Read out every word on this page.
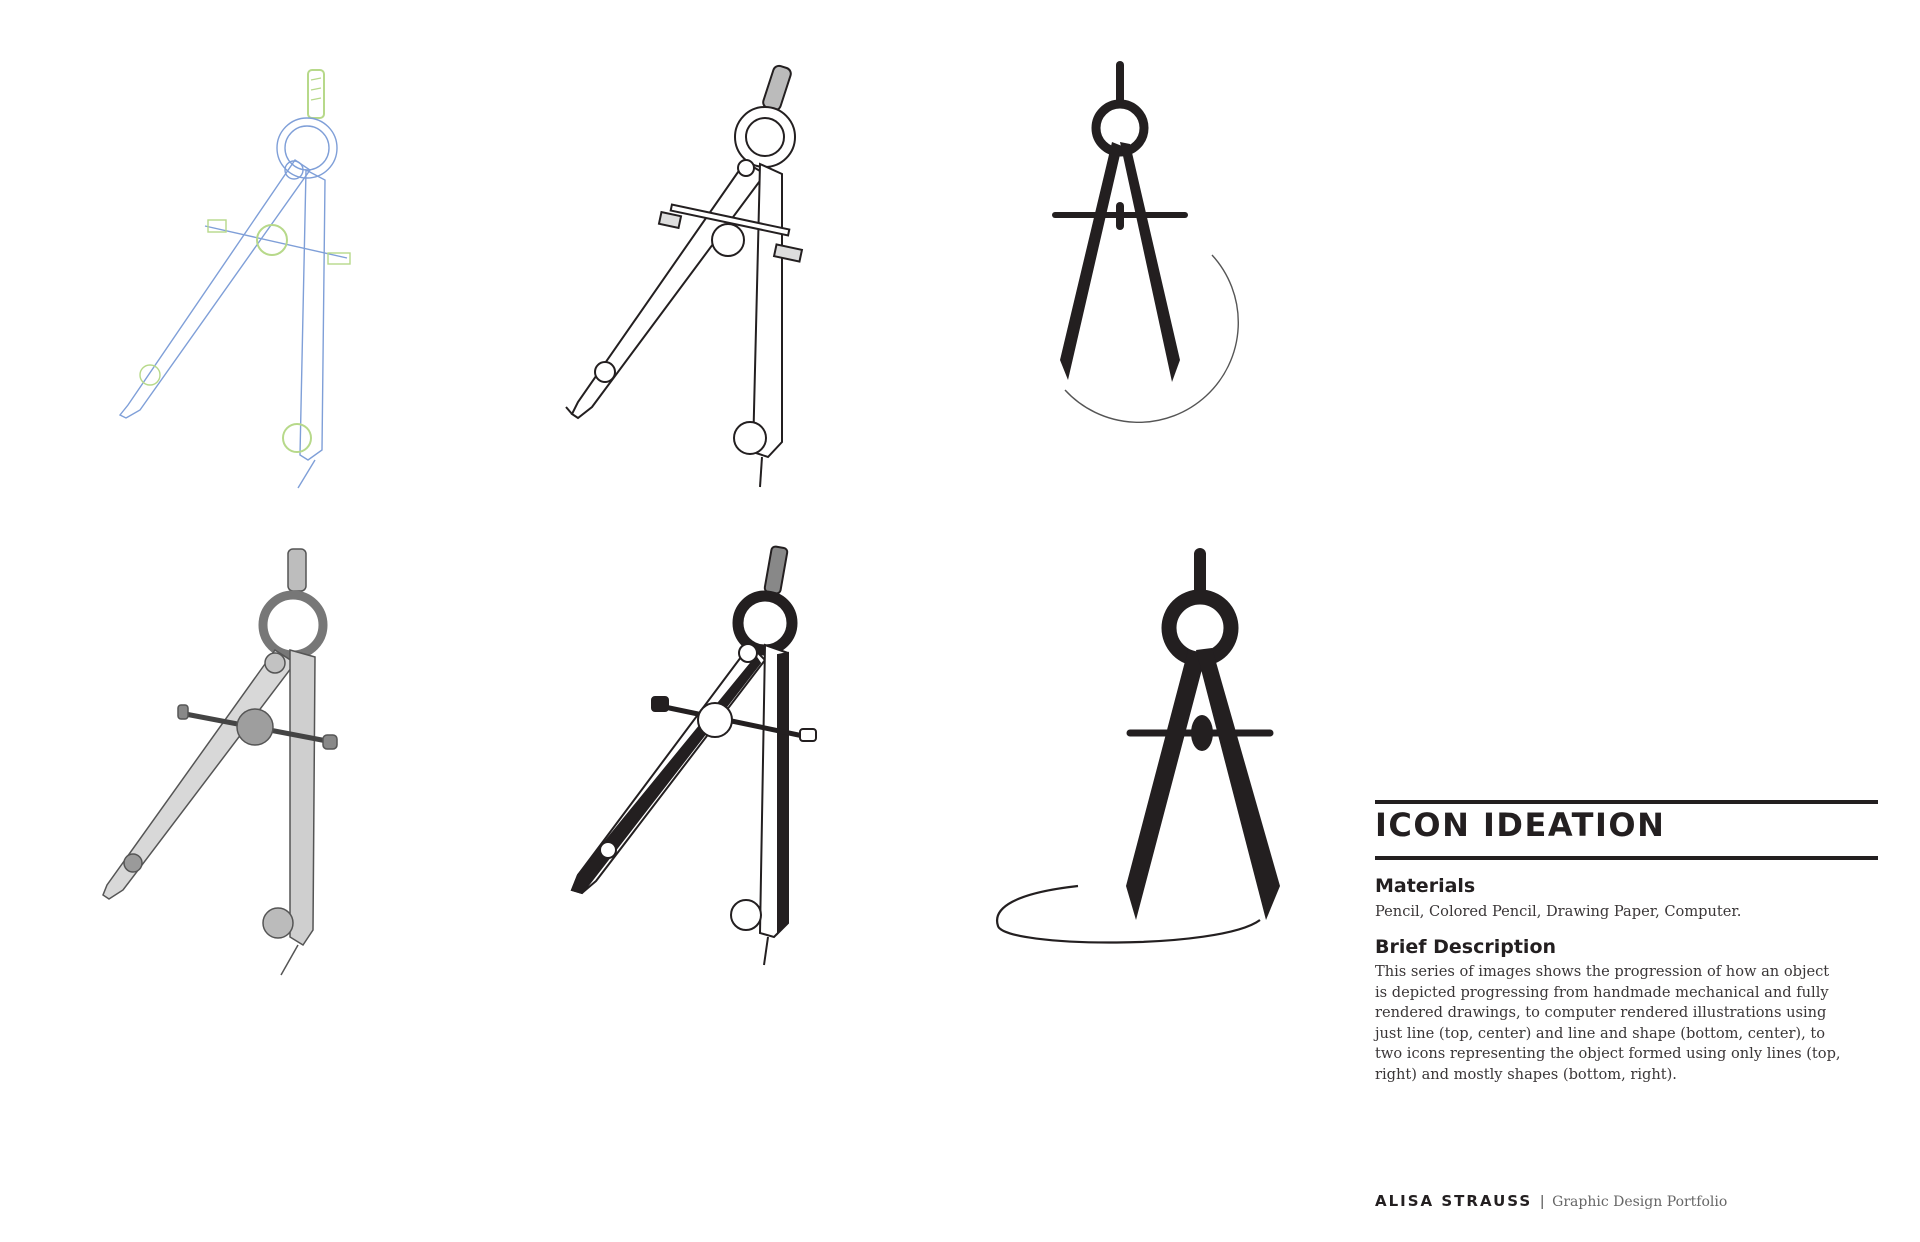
ICON IDEATION
Materials
Pencil, Colored Pencil, Drawing Paper, Computer.
Brief Description
This series of images shows the progression of how an object
is depicted progressing from handmade mechanical and fully
rendered drawings, to computer rendered illustrations using
just line (top, center) and line and shape (bottom, center), to
two icons representing the object formed using only lines (top,
right) and mostly shapes (bottom, right).
ALISA STRAUSS | Graphic Design Portfolio
